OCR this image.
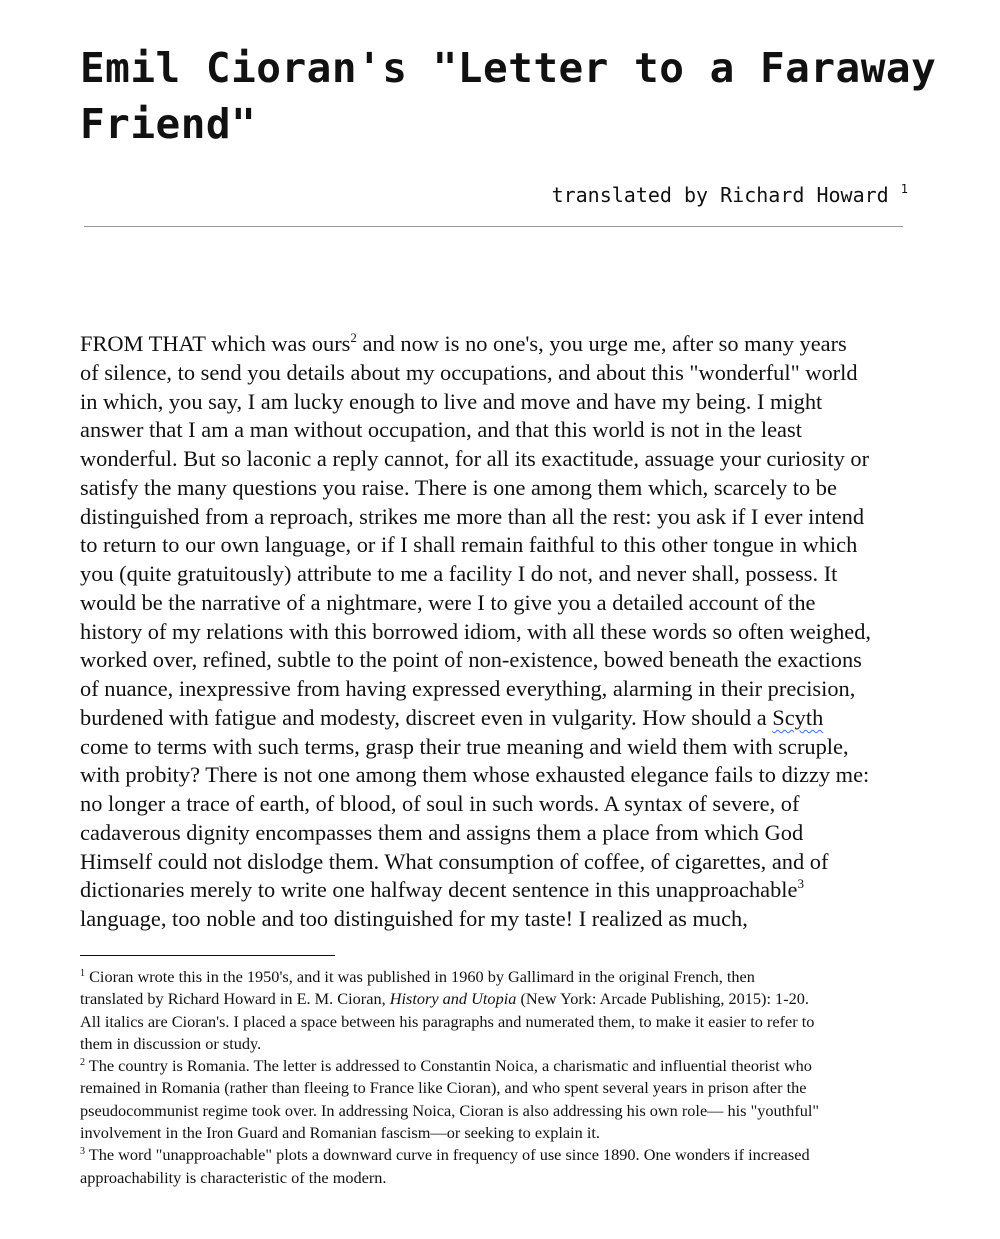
Emil Cioran's "Letter to a Faraway Friend"
translated by Richard Howard $^1$
FROM THAT which was ours$^2$ and now is no one's, you urge me, after so many years
of silence, to send you details about my occupations, and about this "wonderful" world
in which, you say, I am lucky enough to live and move and have my being. I might
answer that I am a man without occupation, and that this world is not in the least
wonderful. But so laconic a reply cannot, for all its exactitude, assuage your curiosity or
satisfy the many questions you raise. There is one among them which, scarcely to be
distinguished from a reproach, strikes me more than all the rest: you ask if I ever intend
to return to our own language, or if I shall remain faithful to this other tongue in which
you (quite gratuitously) attribute to me a facility I do not, and never shall, possess. It
would be the narrative of a nightmare, were I to give you a detailed account of the
history of my relations with this borrowed idiom, with all these words so often weighed,
worked over, refined, subtle to the point of non-existence, bowed beneath the exactions
of nuance, inexpressive from having expressed everything, alarming in their precision,
burdened with fatigue and modesty, discreet even in vulgarity. How should a Scyth
come to terms with such terms, grasp their true meaning and wield them with scruple,
with probity? There is not one among them whose exhausted elegance fails to dizzy me:
no longer a trace of earth, of blood, of soul in such words. A syntax of severe, of
cadaverous dignity encompasses them and assigns them a place from which God
Himself could not dislodge them. What consumption of coffee, of cigarettes, and of
dictionaries merely to write one halfway decent sentence in this unapproachable$^3$
language, too noble and too distinguished for my taste! I realized as much,
$^1$ Cioran wrote this in the 1950's, and it was published in 1960 by Gallimard in the original French, then
translated by Richard Howard in E. M. Cioran, History and Utopia (New York: Arcade Publishing, 2015): 1-20.
All italics are Cioran's. I placed a space between his paragraphs and numerated them, to make it easier to refer to
them in discussion or study.
$^2$ The country is Romania. The letter is addressed to Constantin Noica, a charismatic and influential theorist who
remained in Romania (rather than fleeing to France like Cioran), and who spent several years in prison after the
pseudocommunist regime took over. In addressing Noica, Cioran is also addressing his own role— his "youthful"
involvement in the Iron Guard and Romanian fascism—or seeking to explain it.
$^3$ The word "unapproachable" plots a downward curve in frequency of use since 1890. One wonders if increased
approachability is characteristic of the modern.
